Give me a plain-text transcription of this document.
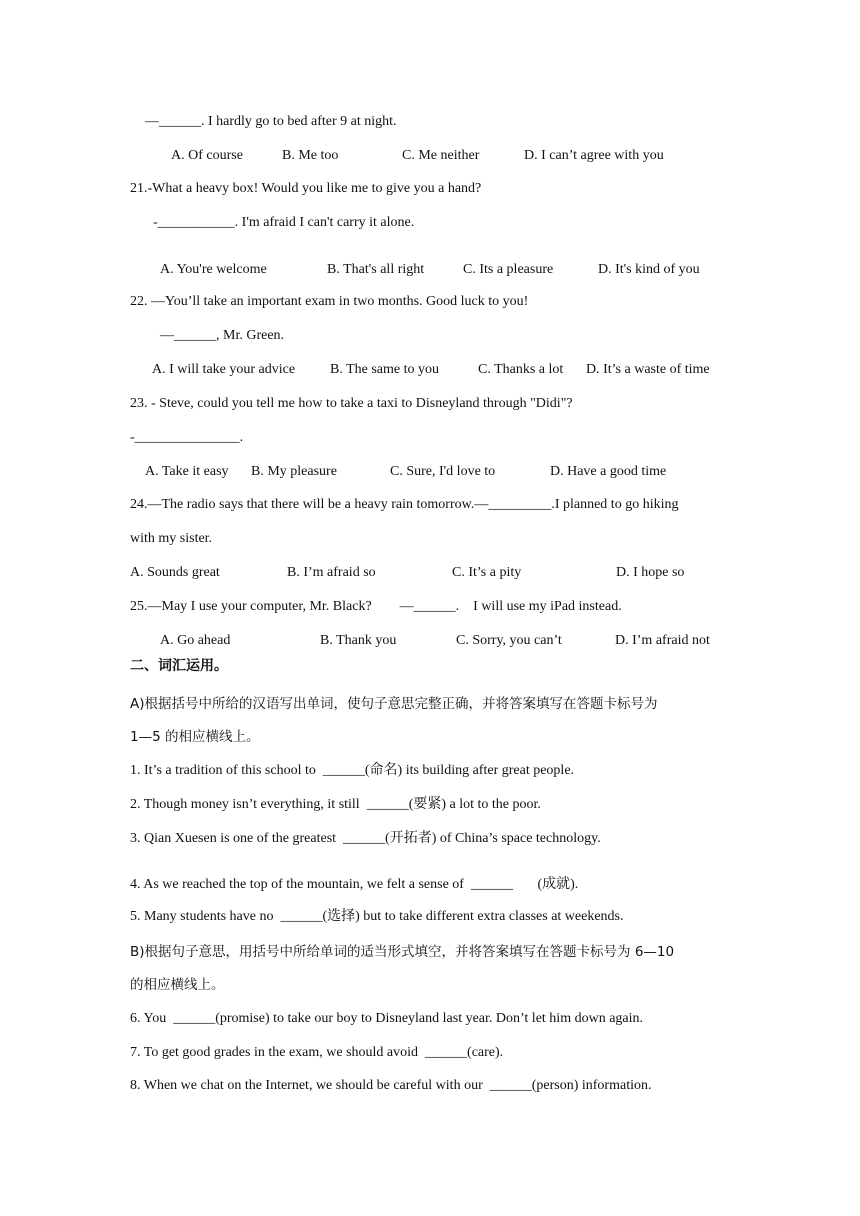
—______. I hardly go to bed after 9 at night.
A. Of course	B. Me too	C. Me neither	D. I can’t agree with you
21.-What a heavy box! Would you like me to give you a hand?
-___________. I'm afraid I can't carry it alone.
A. You're welcome	B. That's all right	C. Its a pleasure	D. It's kind of you
22. —You’ll take an important exam in two months. Good luck to you!
—______, Mr. Green.
A. I will take your advice B. The same to you	C. Thanks a lot D. It’s a waste of time
23. - Steve, could you tell me how to take a taxi to Disneyland through "Didi"?
-_______________.
A. Take it easy B. My pleasure	C. Sure, I'd love to	D. Have a good time
24.—The radio says that there will be a heavy rain tomorrow.—_________.I planned to go hiking
with my sister.
A. Sounds great	B. I’m afraid so	C. It’s a pity	D. I hope so
25.—May I use your computer, Mr. Black?        —______.    I will use my iPad instead.
A. Go ahead	B. Thank you	C. Sorry, you can’t	D. I’m afraid not
二、词汇运用。
A)根据括号中所给的汉语写出单词，使句子意思完整正确，并将答案填写在答题卡标号为
1—5 的相应横线上。
1. It’s a tradition of this school to  ______(命名) its building after great people.
2. Though money isn’t everything, it still  ______(要紧) a lot to the poor.
3. Qian Xuesen is one of the greatest  ______(开拓者) of China’s space technology.
4. As we reached the top of the mountain, we felt a sense of  ______       (成就).
5. Many students have no  ______(选择) but to take different extra classes at weekends.
B)根据句子意思，用括号中所给单词的适当形式填空，并将答案填写在答题卡标号为 6—10
的相应横线上。
6. You  ______(promise) to take our boy to Disneyland last year. Don’t let him down again.
7. To get good grades in the exam, we should avoid  ______(care).
8. When we chat on the Internet, we should be careful with our  ______(person) information.
